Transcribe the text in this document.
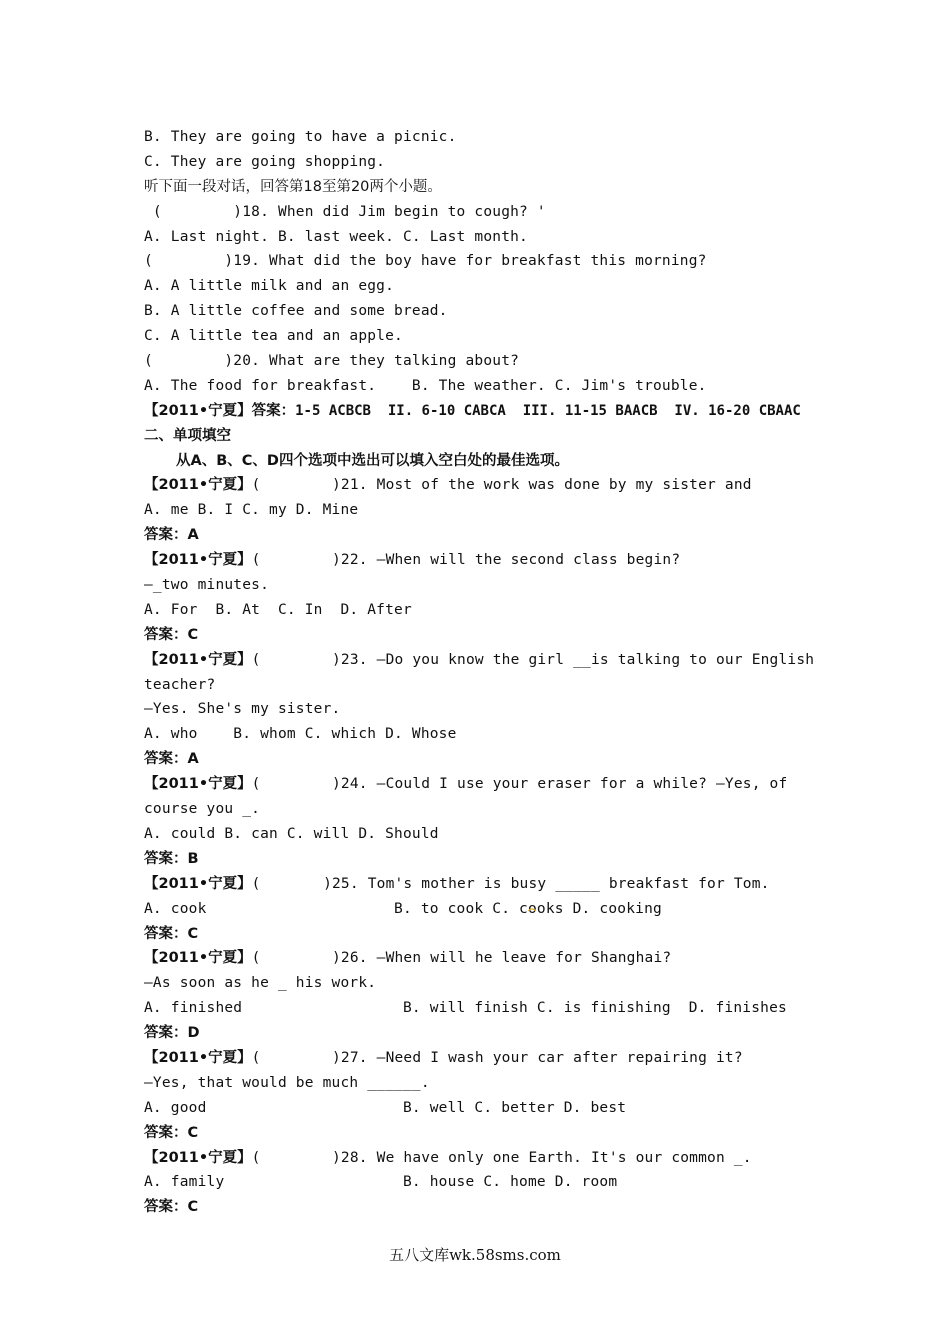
B. They are going to have a picnic.
C. They are going shopping.
听下面一段对话，回答第18至第20两个小题。
(        )18. When did Jim begin to cough? '
A. Last night. B. last week. C. Last month.
(        )19. What did the boy have for breakfast this morning?
A. A little milk and an egg.
B. A little coffee and some bread.
C. A little tea and an apple.
(        )20. What are they talking about?
A. The food for breakfast.    B. The weather. C. Jim's trouble.
【2011•宁夏】答案：1-5 ACBCB  II. 6-10 CABCA  III. 11-15 BAACB  IV. 16-20 CBAAC
二、单项填空
从A、B、C、D四个选项中选出可以填入空白处的最佳选项。
【2011•宁夏】(        )21. Most of the work was done by my sister and
A. me B. I C. my D. Mine
答案：A
【2011•宁夏】(        )22. —When will the second class begin?
—_two minutes.
A. For  B. At  C. In  D. After
答案：C
【2011•宁夏】(        )23. —Do you know the girl __is talking to our English
teacher?
—Yes. She's my sister.
A. who    B. whom C. which D. Whose
答案：A
【2011•宁夏】(        )24. —Could I use your eraser for a while? —Yes, of
course you _.
A. could B. can C. will D. Should
答案：B
【2011•宁夏】(       )25. Tom's mother is busy _____ breakfast for Tom.
A. cook                     B. to cook C. cooks D. cooking
答案：C
【2011•宁夏】(        )26. —When will he leave for Shanghai?
—As soon as he _ his work.
A. finished                  B. will finish C. is finishing  D. finishes
答案：D
【2011•宁夏】(        )27. —Need I wash your car after repairing it?
—Yes, that would be much ______.
A. good                      B. well C. better D. best
答案：C
【2011•宁夏】(        )28. We have only one Earth. It's our common _.
A. family                    B. house C. home D. room
答案：C
五八文库wk.58sms.com
